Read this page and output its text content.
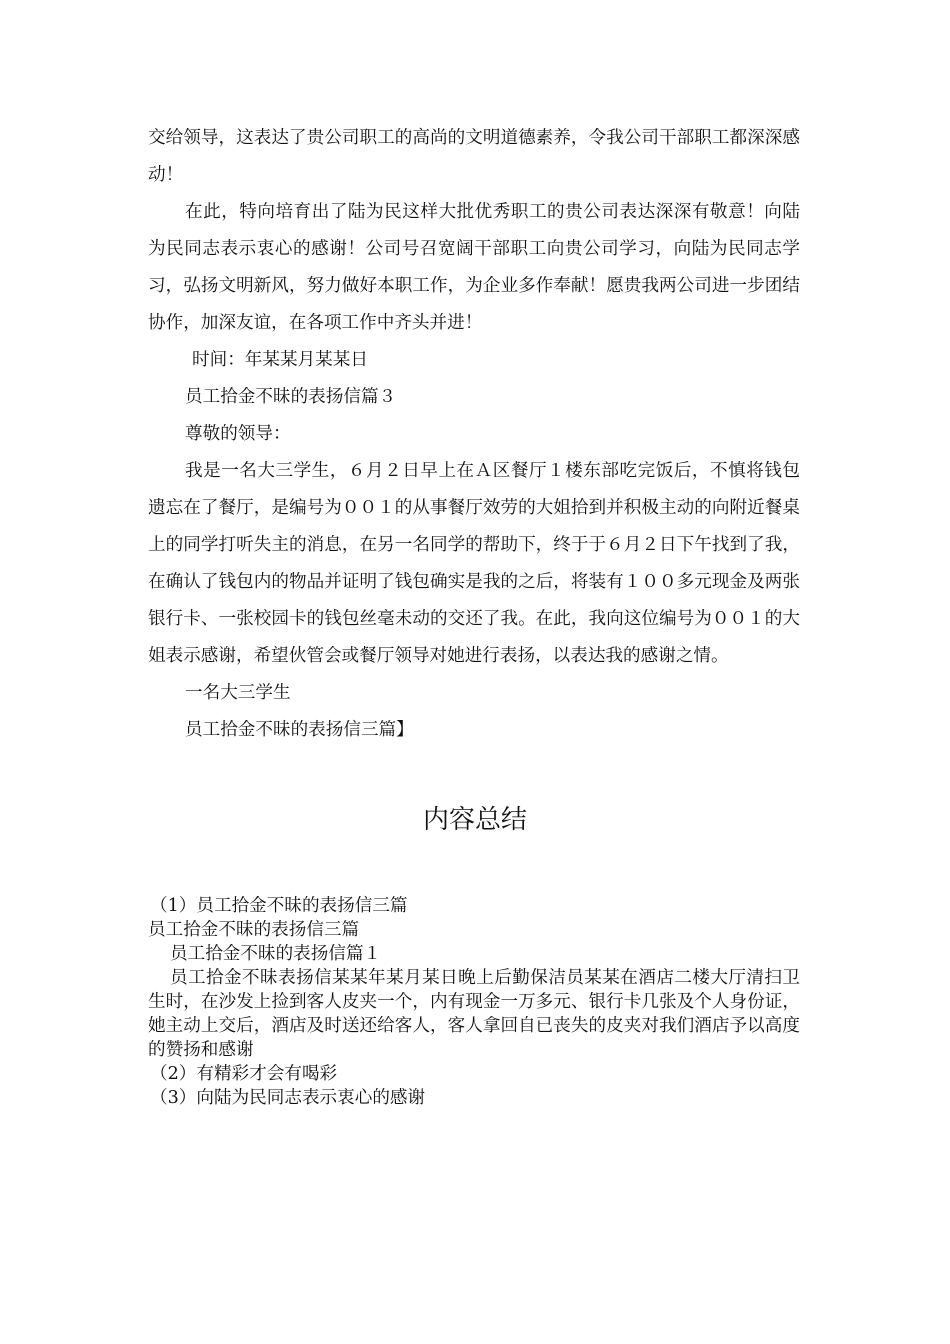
交给领导，这表达了贵公司职工的高尚的文明道德素养，令我公司干部职工都深深感动！

在此，特向培育出了陆为民这样大批优秀职工的贵公司表达深深有敬意！向陆为民同志表示衷心的感谢！公司号召宽阔干部职工向贵公司学习，向陆为民同志学习，弘扬文明新风，努力做好本职工作，为企业多作奉献！愿贵我两公司进一步团结协作，加深友谊，在各项工作中齐头并进！

时间：年某某月某某日

员工拾金不昧的表扬信篇３

尊敬的领导：

我是一名大三学生，６月２日早上在Ａ区餐厅１楼东部吃完饭后，不慎将钱包遗忘在了餐厅，是编号为００１的从事餐厅效劳的大姐拾到并积极主动的向附近餐桌上的同学打听失主的消息，在另一名同学的帮助下，终于于６月２日下午找到了我，在确认了钱包内的物品并证明了钱包确实是我的之后，将装有１００多元现金及两张银行卡、一张校园卡的钱包丝毫未动的交还了我。在此，我向这位编号为００１的大姐表示感谢，希望伙管会或餐厅领导对她进行表扬，以表达我的感谢之情。

一名大三学生

员工拾金不昧的表扬信三篇】

内容总结

（1）员工拾金不昧的表扬信三篇

员工拾金不昧的表扬信三篇

员工拾金不昧的表扬信篇１

员工拾金不昧表扬信某某年某月某日晚上后勤保洁员某某在酒店二楼大厅清扫卫生时，在沙发上捡到客人皮夹一个，内有现金一万多元、银行卡几张及个人身份证，她主动上交后，酒店及时送还给客人，客人拿回自已丧失的皮夹对我们酒店予以高度的赞扬和感谢

（2）有精彩才会有喝彩

（3）向陆为民同志表示衷心的感谢
